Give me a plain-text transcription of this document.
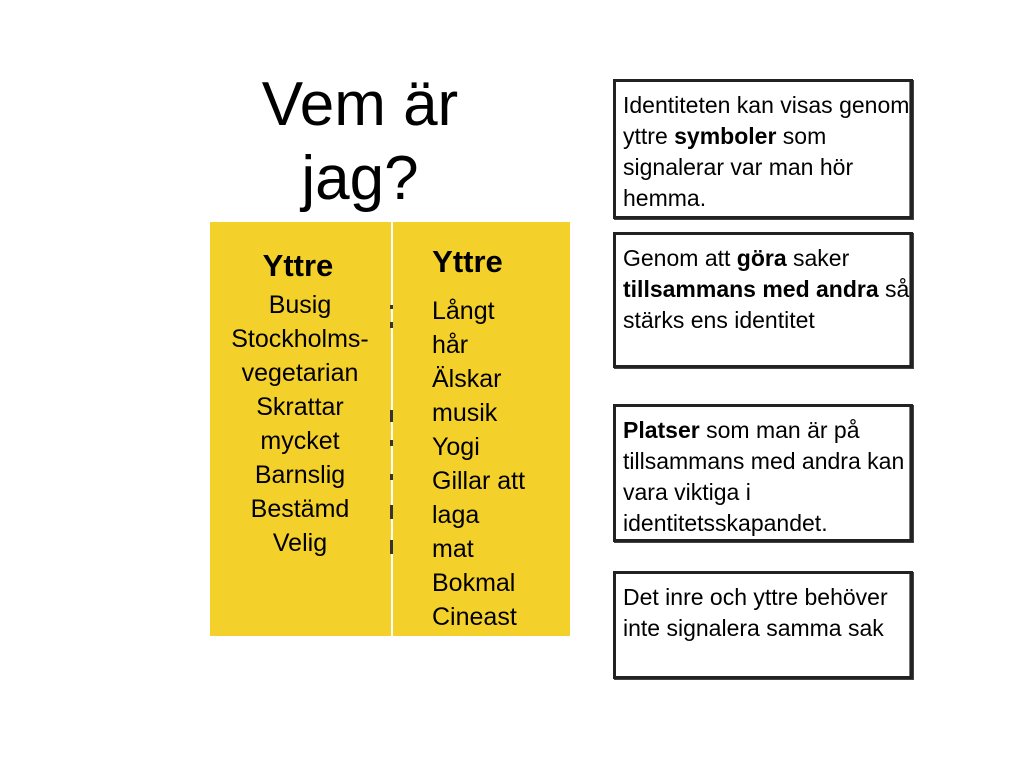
Vem är jag?
Yttre
Busig
Stockholms-
vegetarian
Skrattar
mycket
Barnslig
Bestämd
Velig
Yttre
Långt
hår
Älskar
musik
Yogi
Gillar att
laga
mat
Bokmal
Cineast

Identiteten kan visas genom yttre symboler som signalerar var man hör hemma.

Genom att göra saker tillsammans med andra så stärks ens identitet

Platser som man är på tillsammans med andra kan vara viktiga i identitetsskapandet.

Det inre och yttre behöver inte signalera samma sak
